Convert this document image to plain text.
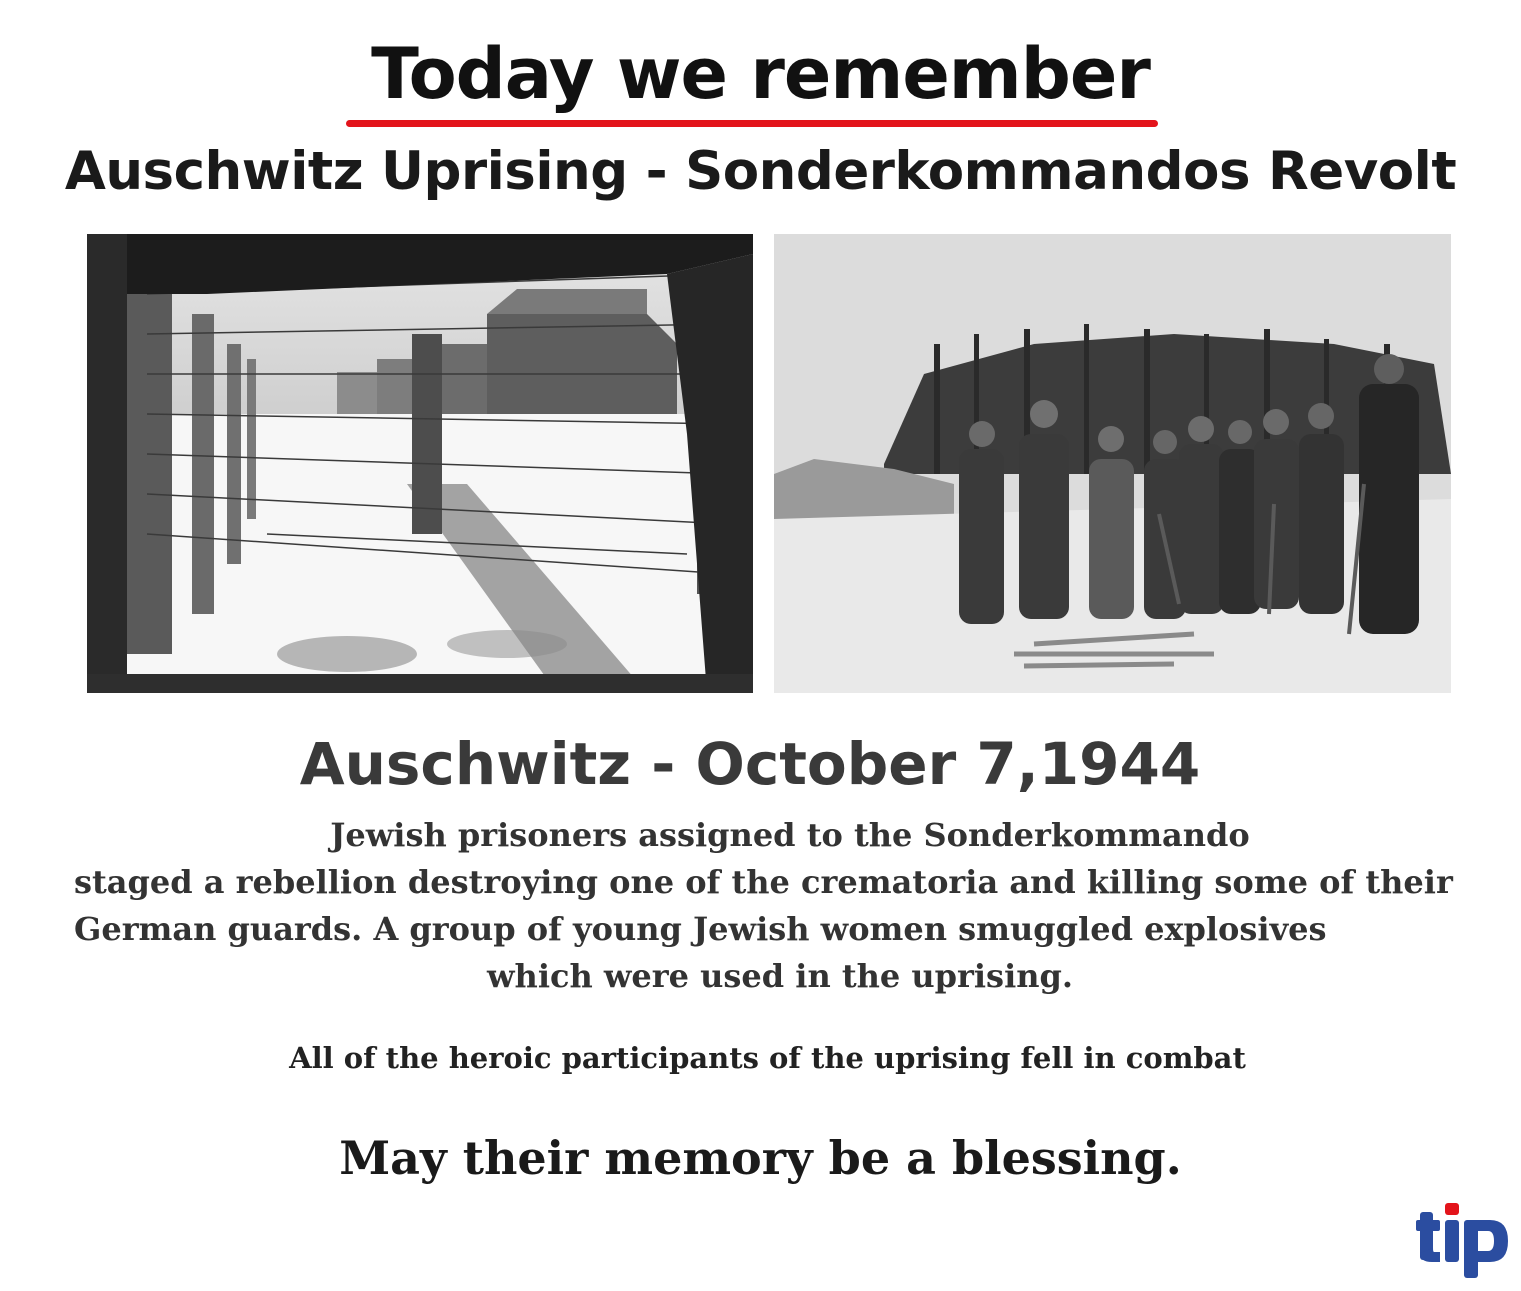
Today we remember
Auschwitz Uprising - Sonderkommandos Revolt
Auschwitz - October 7,1944
Jewish prisoners assigned to the Sonderkommando
staged a rebellion destroying one of the crematoria and killing some of their
German guards. A group of young Jewish women smuggled explosives
which were used in the uprising.
All of the heroic participants of the uprising fell in combat
May their memory be a blessing.
tip
